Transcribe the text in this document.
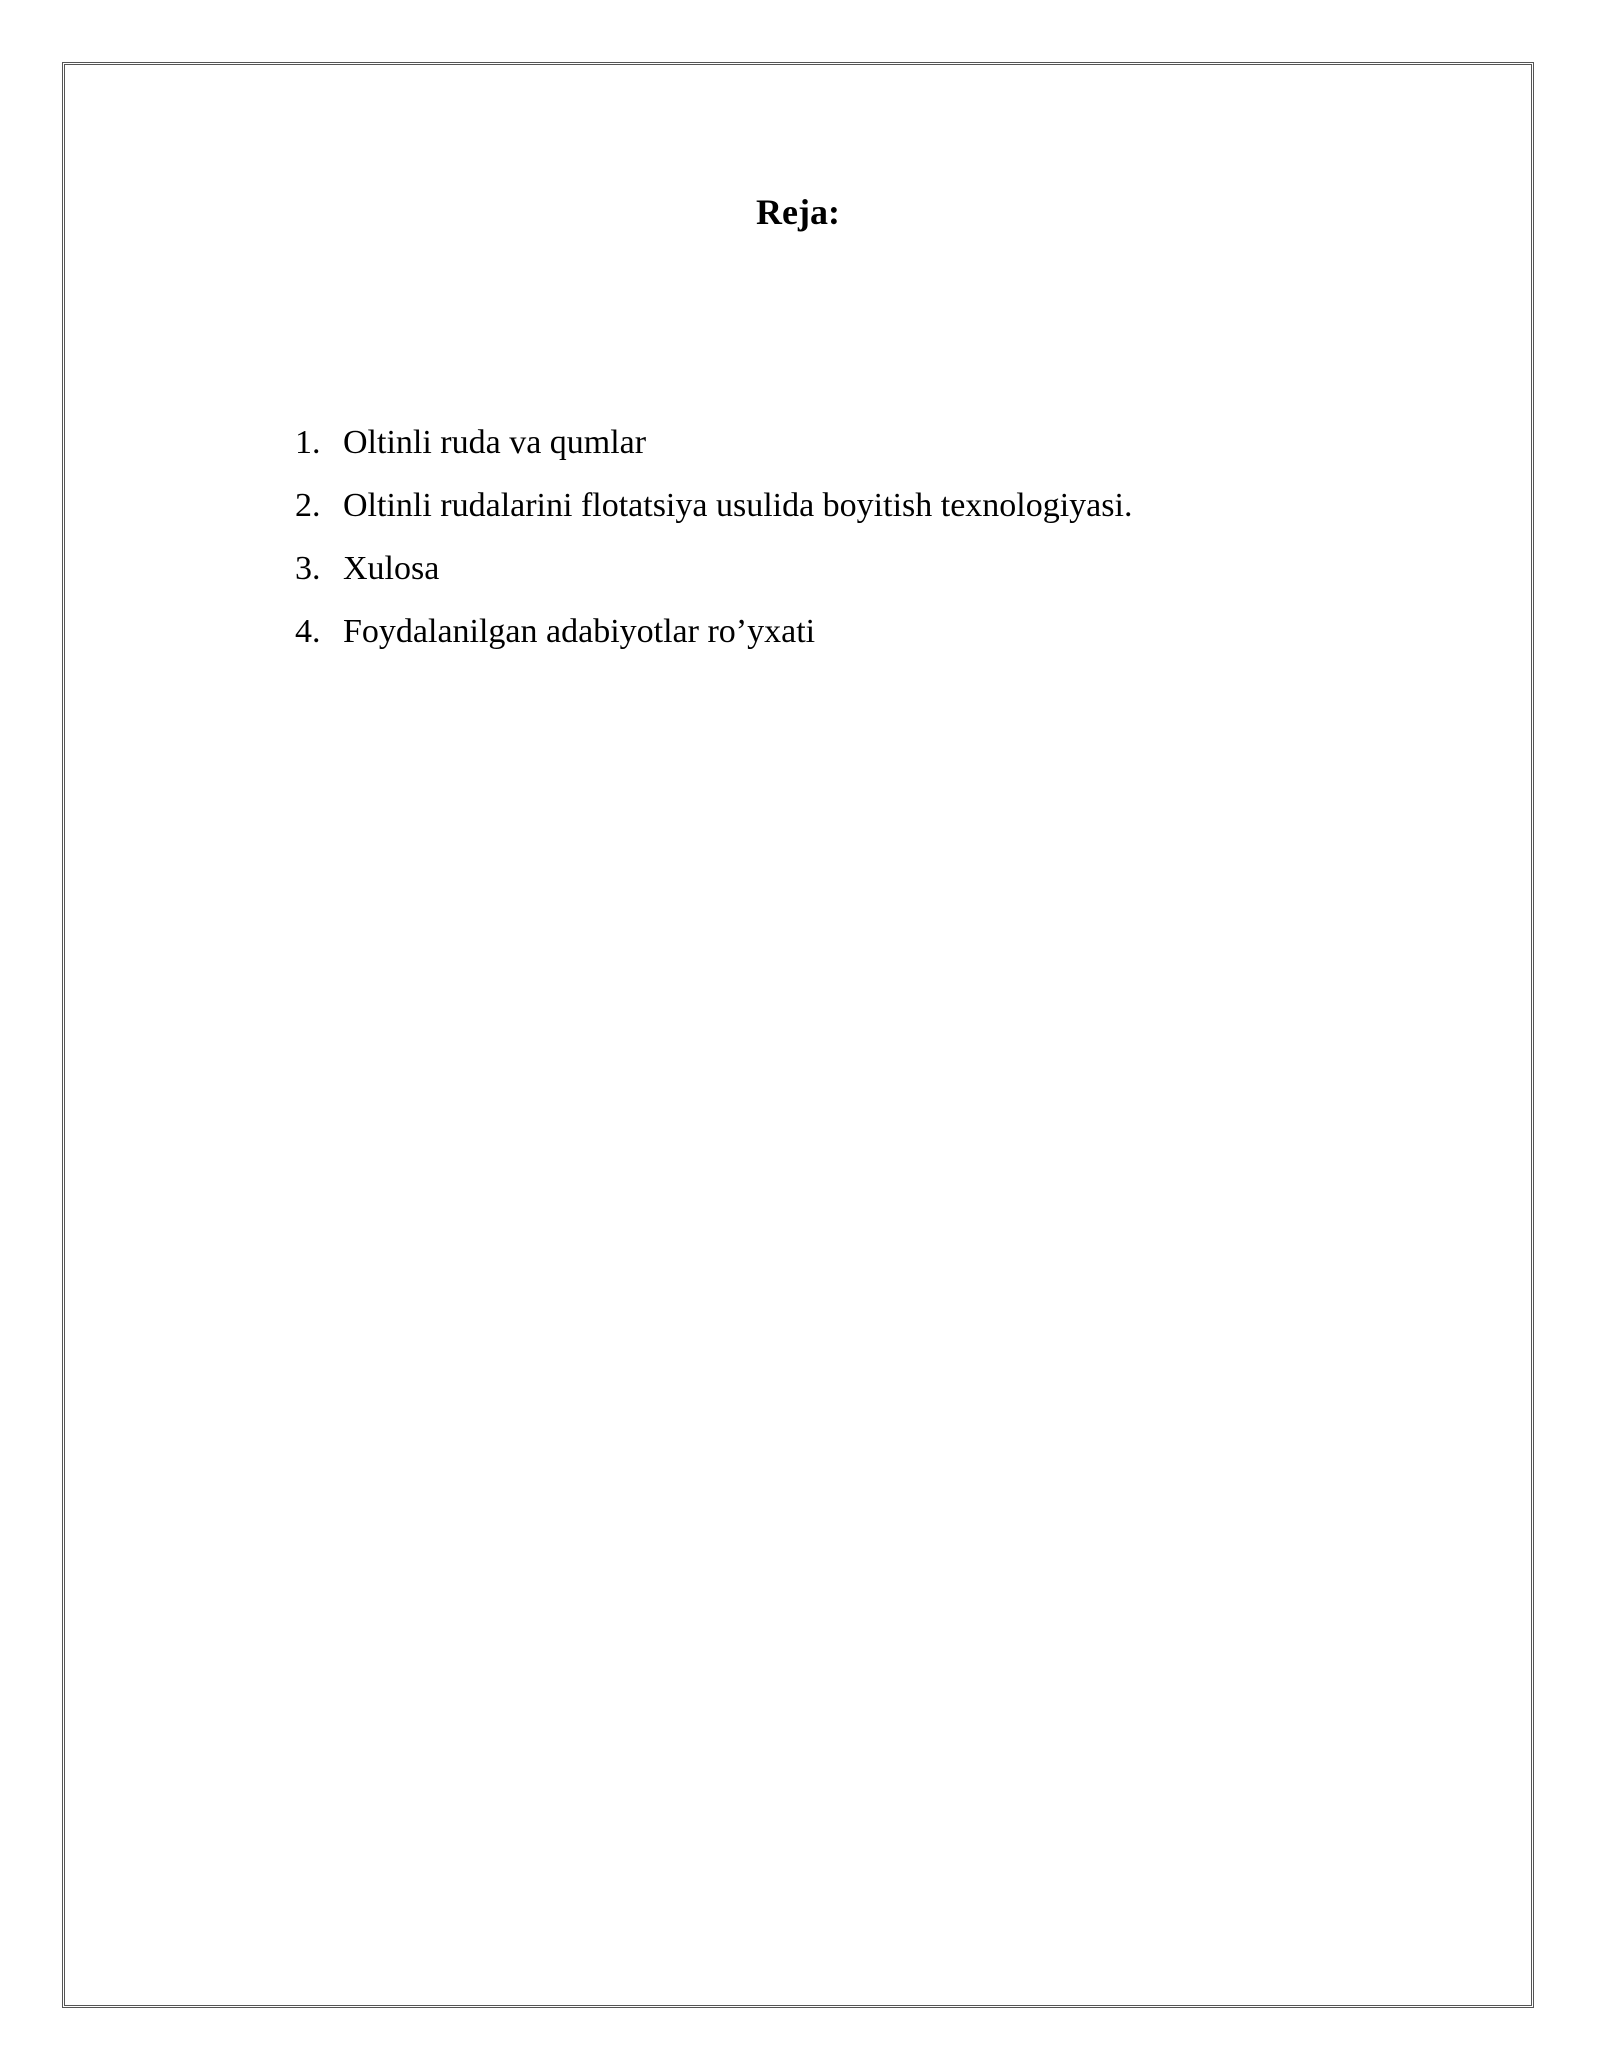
Reja:
1. Oltinli ruda va qumlar
2. Oltinli rudalarini flotatsiya usulida boyitish texnologiyasi.
3. Xulosa
4. Foydalanilgan adabiyotlar ro’yxati
